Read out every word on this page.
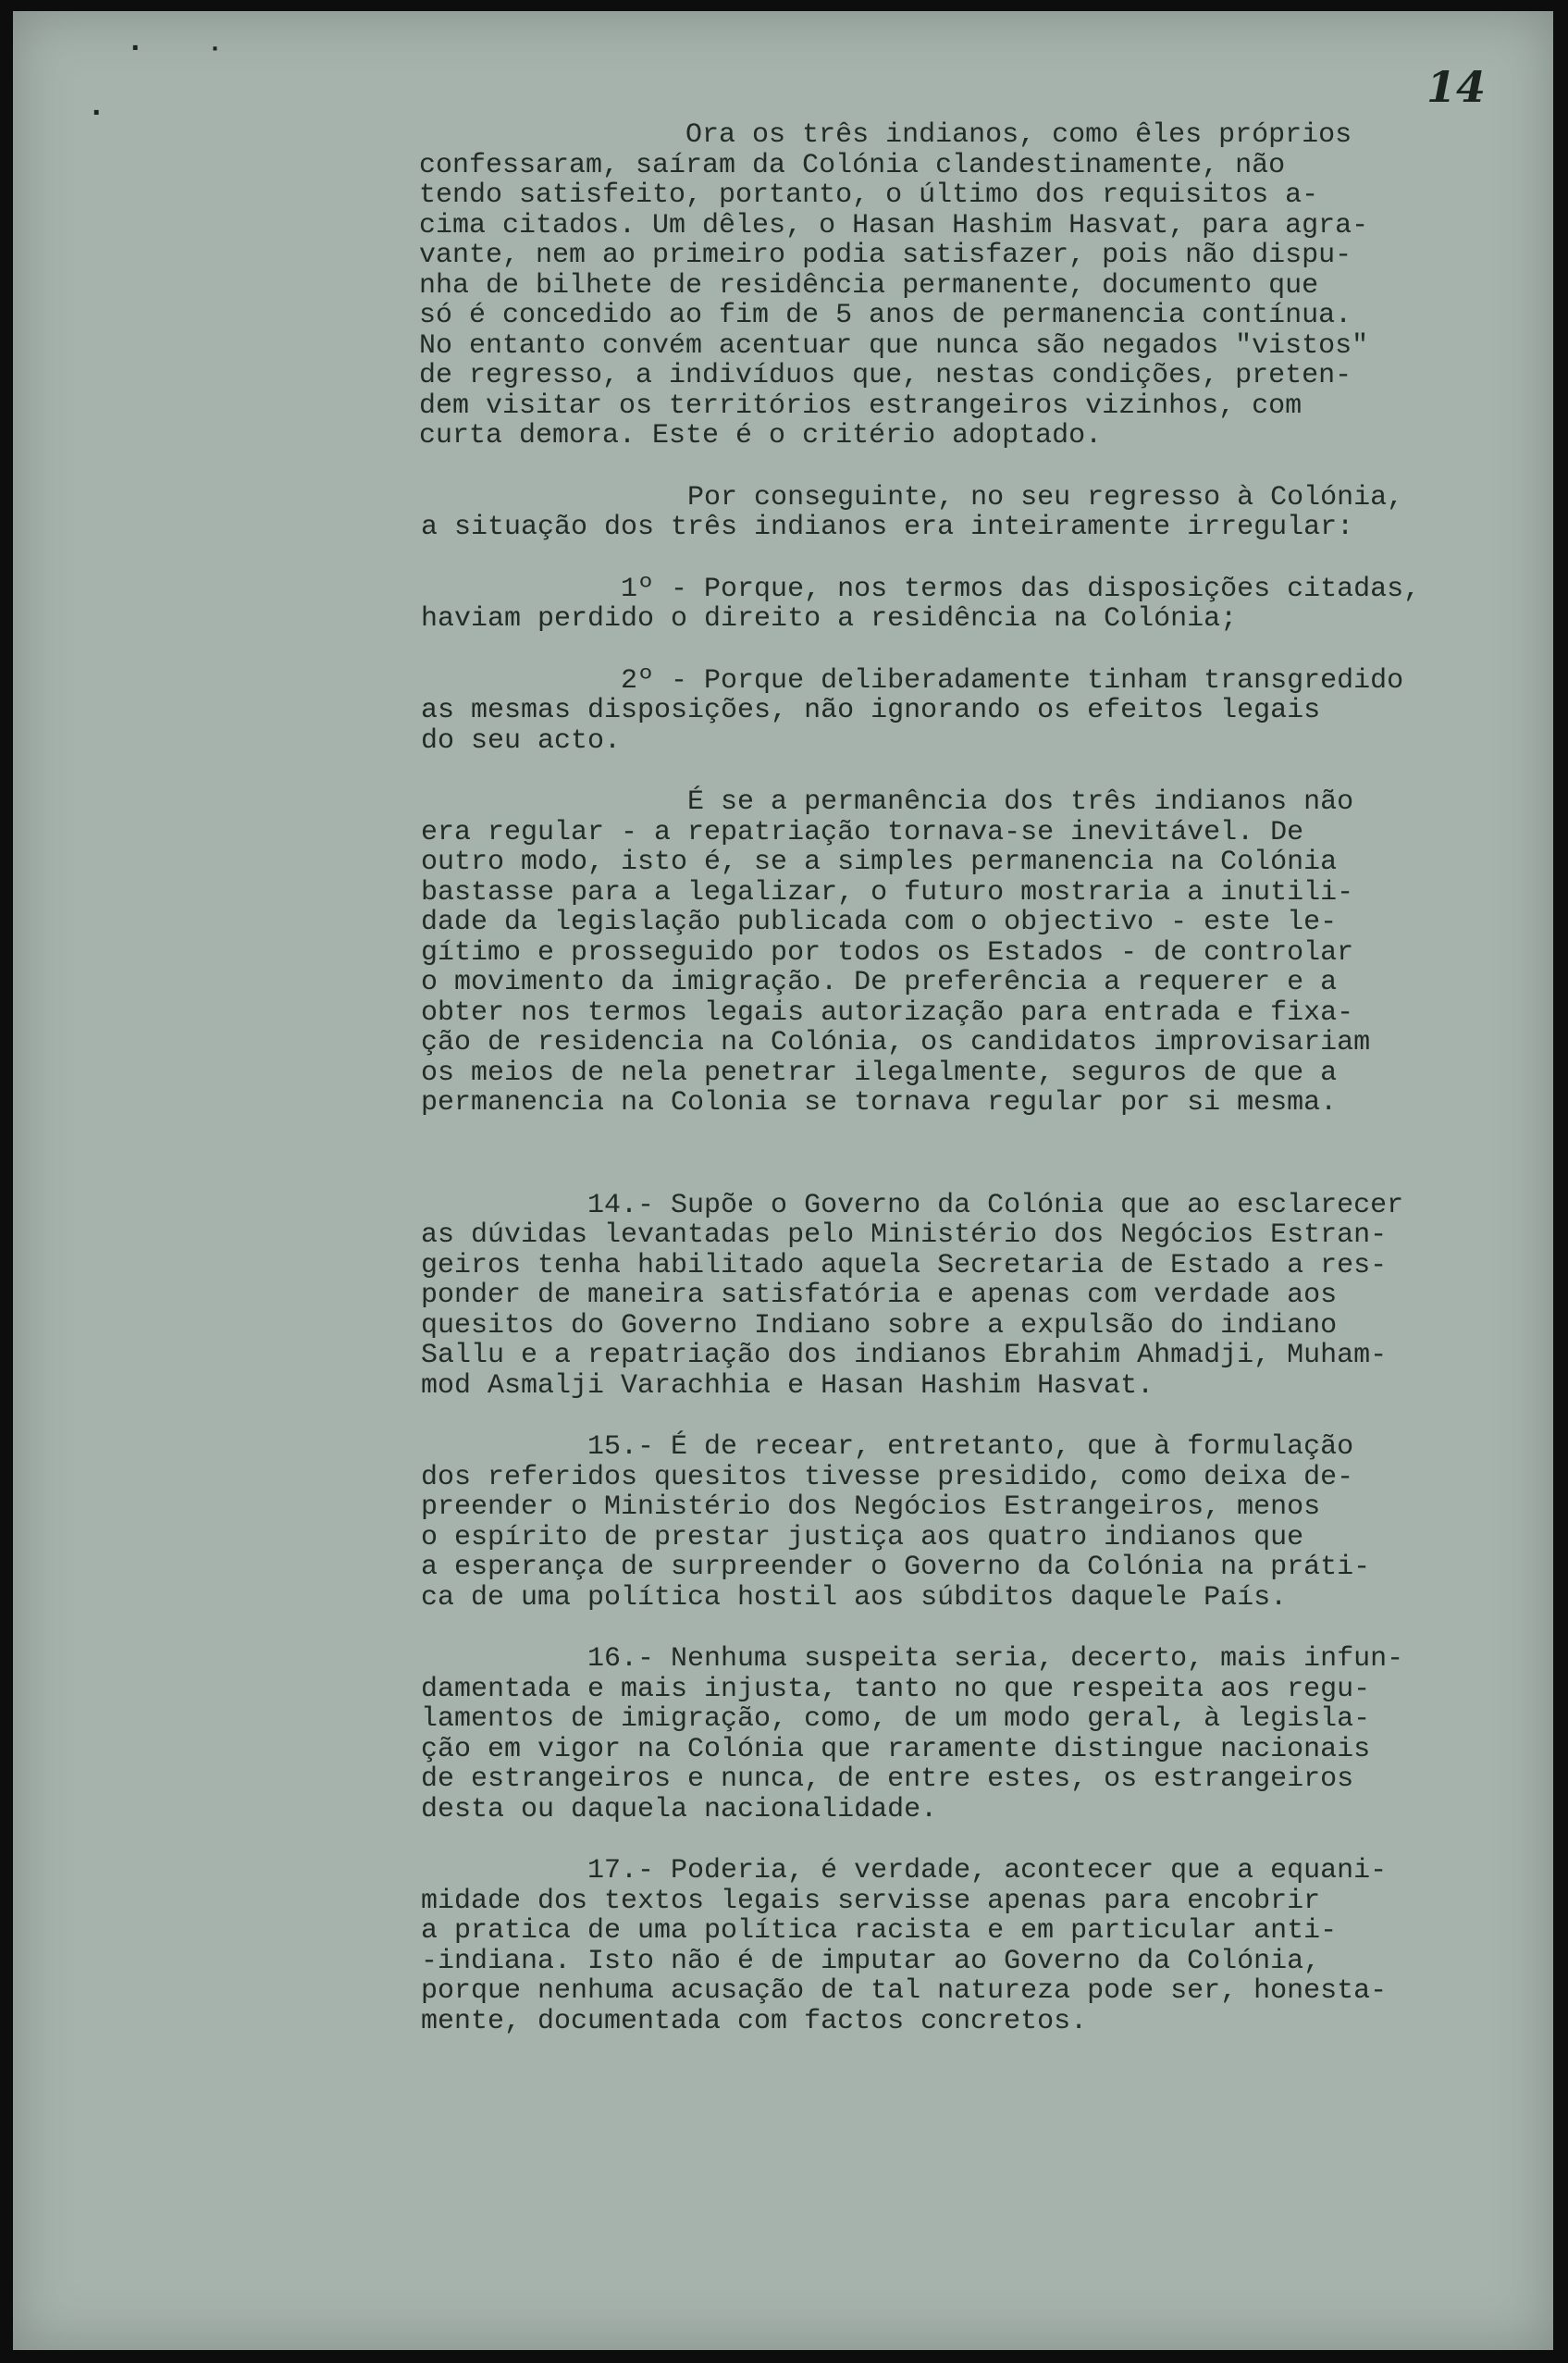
· ·
·
14
Ora os três indianos, como êles próprios
confessaram, saíram da Colónia clandestinamente, não
tendo satisfeito, portanto, o último dos requisitos a-
cima citados. Um dêles, o Hasan Hashim Hasvat, para agra-
vante, nem ao primeiro podia satisfazer, pois não dispu-
nha de bilhete de residência permanente, documento que
só é concedido ao fim de 5 anos de permanencia contínua.
No entanto convém acentuar que nunca são negados "vistos"
de regresso, a indivíduos que, nestas condições, preten-
dem visitar os territórios estrangeiros vizinhos, com
curta demora. Este é o critério adoptado.
Por conseguinte, no seu regresso à Colónia,
a situação dos três indianos era inteiramente irregular:
1º - Porque, nos termos das disposições citadas,
haviam perdido o direito a residência na Colónia;
2º - Porque deliberadamente tinham transgredido
as mesmas disposições, não ignorando os efeitos legais
do seu acto.
É se a permanência dos três indianos não
era regular - a repatriação tornava-se inevitável. De
outro modo, isto é, se a simples permanencia na Colónia
bastasse para a legalizar, o futuro mostraria a inutili-
dade da legislação publicada com o objectivo - este le-
gítimo e prosseguido por todos os Estados - de controlar
o movimento da imigração. De preferência a requerer e a
obter nos termos legais autorização para entrada e fixa-
ção de residencia na Colónia, os candidatos improvisariam
os meios de nela penetrar ilegalmente, seguros de que a
permanencia na Colonia se tornava regular por si mesma.
14.- Supõe o Governo da Colónia que ao esclarecer
as dúvidas levantadas pelo Ministério dos Negócios Estran-
geiros tenha habilitado aquela Secretaria de Estado a res-
ponder de maneira satisfatória e apenas com verdade aos
quesitos do Governo Indiano sobre a expulsão do indiano
Sallu e a repatriação dos indianos Ebrahim Ahmadji, Muham-
mod Asmalji Varachhia e Hasan Hashim Hasvat.
15.- É de recear, entretanto, que à formulação
dos referidos quesitos tivesse presidido, como deixa de-
preender o Ministério dos Negócios Estrangeiros, menos
o espírito de prestar justiça aos quatro indianos que
a esperança de surpreender o Governo da Colónia na práti-
ca de uma política hostil aos súbditos daquele País.
16.- Nenhuma suspeita seria, decerto, mais infun-
damentada e mais injusta, tanto no que respeita aos regu-
lamentos de imigração, como, de um modo geral, à legisla-
ção em vigor na Colónia que raramente distingue nacionais
de estrangeiros e nunca, de entre estes, os estrangeiros
desta ou daquela nacionalidade.
17.- Poderia, é verdade, acontecer que a equani-
midade dos textos legais servisse apenas para encobrir
a pratica de uma política racista e em particular anti-
-indiana. Isto não é de imputar ao Governo da Colónia,
porque nenhuma acusação de tal natureza pode ser, honesta-
mente, documentada com factos concretos.
